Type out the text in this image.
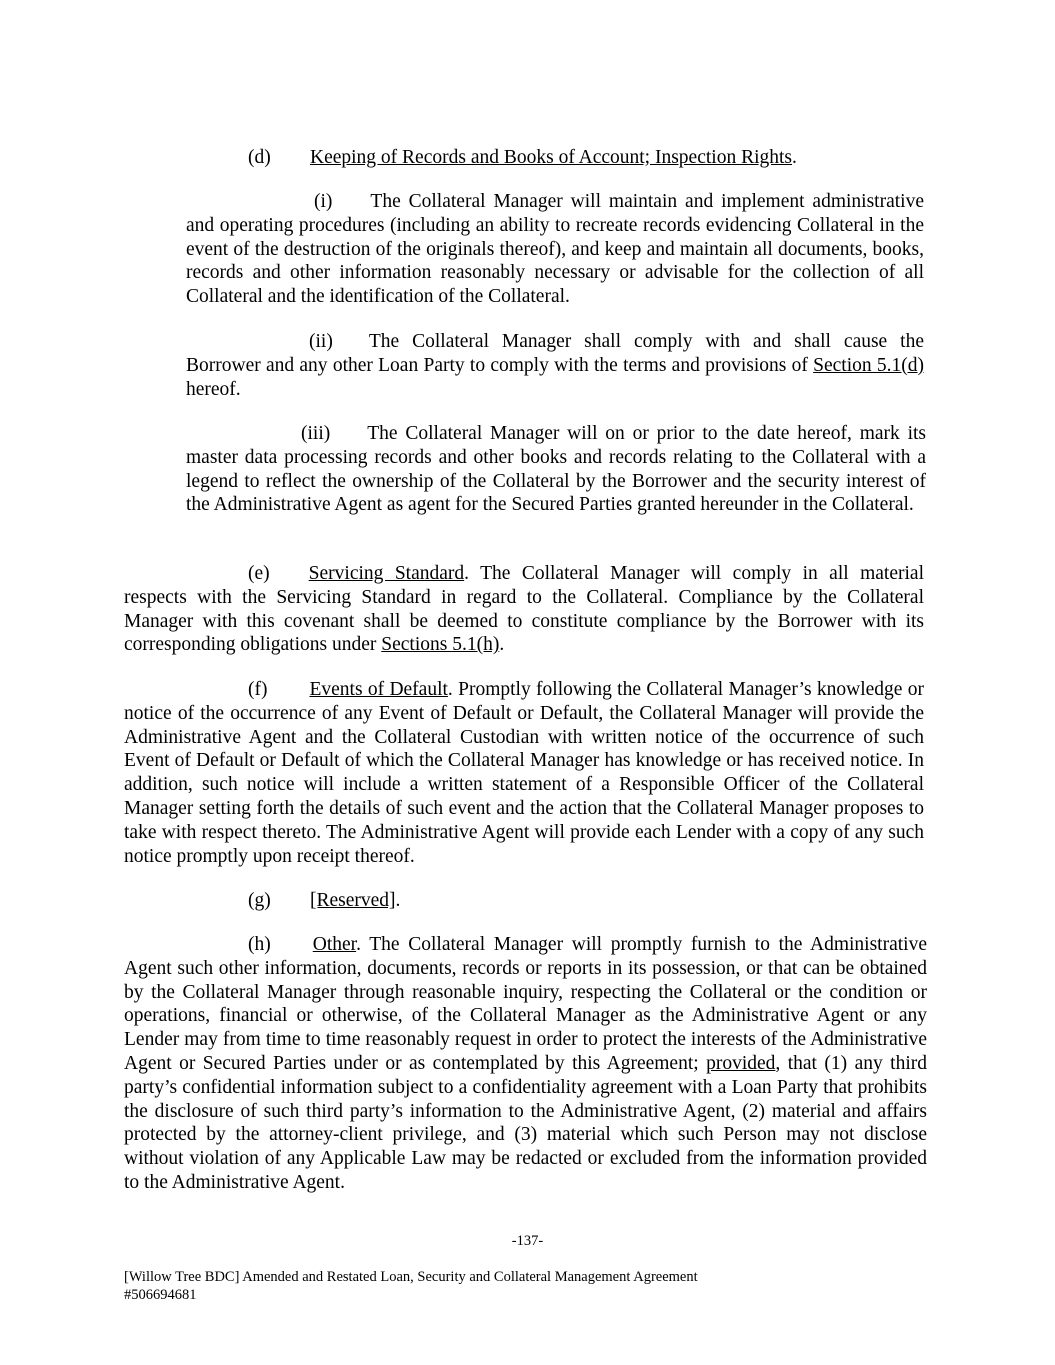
(d) Keeping of Records and Books of Account; Inspection Rights.
(i) The Collateral Manager will maintain and implement administrative and operating procedures (including an ability to recreate records evidencing Collateral in the event of the destruction of the originals thereof), and keep and maintain all documents, books, records and other information reasonably necessary or advisable for the collection of all Collateral and the identification of the Collateral.
(ii) The Collateral Manager shall comply with and shall cause the Borrower and any other Loan Party to comply with the terms and provisions of Section 5.1(d) hereof.
(iii) The Collateral Manager will on or prior to the date hereof, mark its master data processing records and other books and records relating to the Collateral with a legend to reflect the ownership of the Collateral by the Borrower and the security interest of the Administrative Agent as agent for the Secured Parties granted hereunder in the Collateral.
(e) Servicing Standard. The Collateral Manager will comply in all material respects with the Servicing Standard in regard to the Collateral. Compliance by the Collateral Manager with this covenant shall be deemed to constitute compliance by the Borrower with its corresponding obligations under Sections 5.1(h).
(f) Events of Default. Promptly following the Collateral Manager’s knowledge or notice of the occurrence of any Event of Default or Default, the Collateral Manager will provide the Administrative Agent and the Collateral Custodian with written notice of the occurrence of such Event of Default or Default of which the Collateral Manager has knowledge or has received notice. In addition, such notice will include a written statement of a Responsible Officer of the Collateral Manager setting forth the details of such event and the action that the Collateral Manager proposes to take with respect thereto. The Administrative Agent will provide each Lender with a copy of any such notice promptly upon receipt thereof.
(g) [Reserved].
(h) Other. The Collateral Manager will promptly furnish to the Administrative Agent such other information, documents, records or reports in its possession, or that can be obtained by the Collateral Manager through reasonable inquiry, respecting the Collateral or the condition or operations, financial or otherwise, of the Collateral Manager as the Administrative Agent or any Lender may from time to time reasonably request in order to protect the interests of the Administrative Agent or Secured Parties under or as contemplated by this Agreement; provided, that (1) any third party’s confidential information subject to a confidentiality agreement with a Loan Party that prohibits the disclosure of such third party’s information to the Administrative Agent, (2) material and affairs protected by the attorney-client privilege, and (3) material which such Person may not disclose without violation of any Applicable Law may be redacted or excluded from the information provided to the Administrative Agent.
-137-
[Willow Tree BDC] Amended and Restated Loan, Security and Collateral Management Agreement
#506694681
